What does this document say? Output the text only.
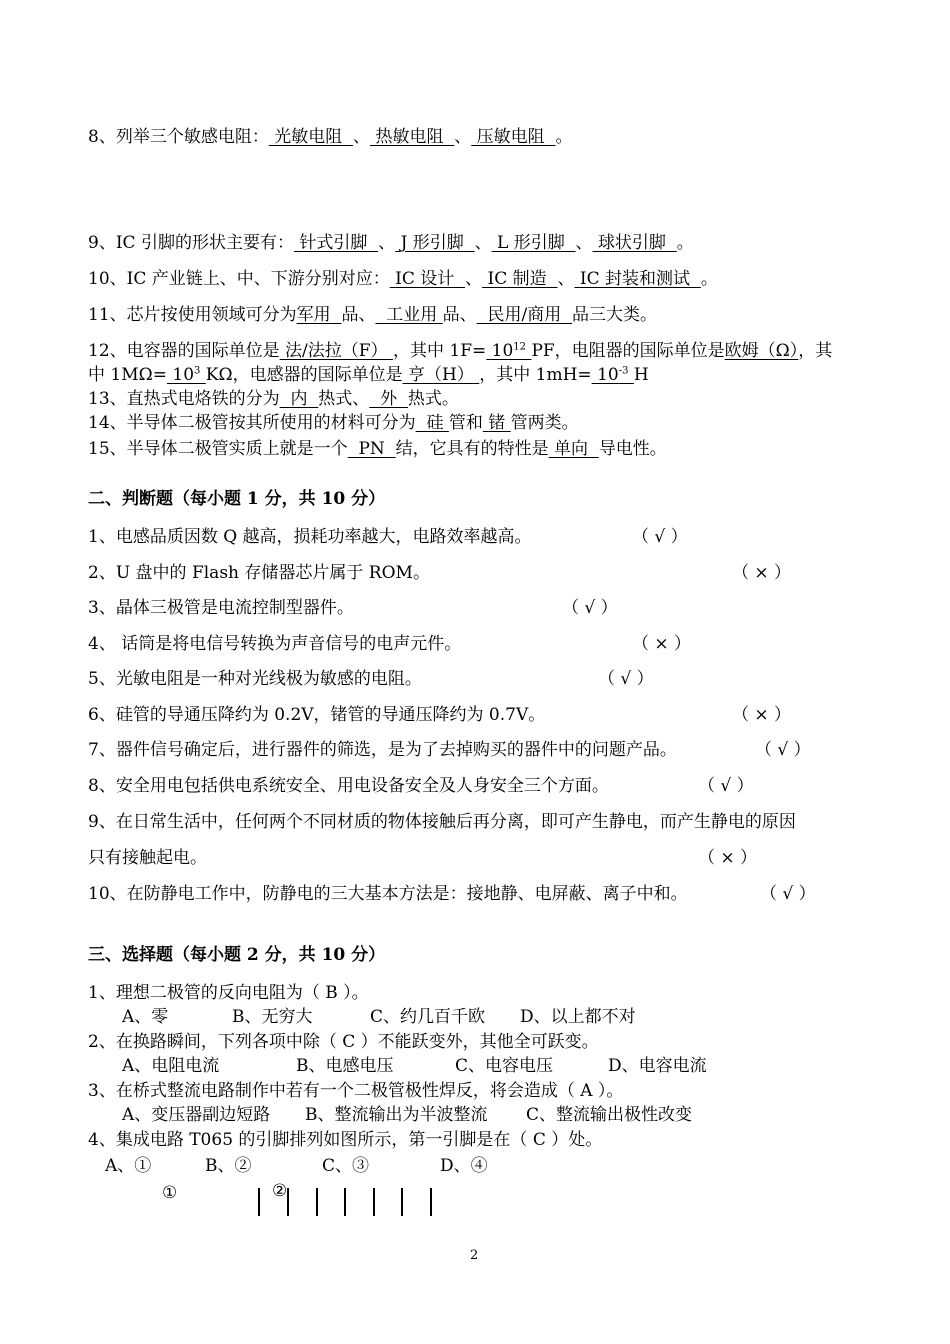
8、列举三个敏感电阻： 光敏电阻 、 热敏电阻 、 压敏电阻 。
9、IC 引脚的形状主要有： 针式引脚 、 J 形引脚 、 L 形引脚 、 球状引脚 。
10、IC 产业链上、中、下游分别对应： IC 设计 、 IC 制造 、 IC 封装和测试 。
11、芯片按使用领域可分为军用 品、 工业用 品、 民用/商用 品三大类。
12、电容器的国际单位是 法/法拉（F） ，其中 $1F= 10^{12}$ PF，电阻器的国际单位是欧姆（Ω），其
中 $1M\Omega= 10^3$ KΩ，电感器的国际单位是 亨（H） ，其中 $1mH= 10^{-3}$ H
13、直热式电烙铁的分为 内 热式、 外 热式。
14、半导体二极管按其所使用的材料可分为 硅 管和 锗 管两类。
15、半导体二极管实质上就是一个 PN 结，它具有的特性是 单向 导电性。
二、判断题（每小题 1 分，共 10 分）
1、电感品质因数 Q 越高，损耗功率越大，电路效率越高。	（ √ ）
2、U 盘中的 Flash 存储器芯片属于 ROM。	（ × ）
3、晶体三极管是电流控制型器件。	（ √ ）
4、 话筒是将电信号转换为声音信号的电声元件。	（ × ）
5、光敏电阻是一种对光线极为敏感的电阻。	（ √ ）
6、硅管的导通压降约为 0.2V，锗管的导通压降约为 0.7V。	（ × ）
7、器件信号确定后，进行器件的筛选，是为了去掉购买的器件中的问题产品。	（ √ ）
8、安全用电包括供电系统安全、用电设备安全及人身安全三个方面。	（ √ ）
9、在日常生活中，任何两个不同材质的物体接触后再分离，即可产生静电，而产生静电的原因
只有接触起电。	（ × ）
10、在防静电工作中，防静电的三大基本方法是：接地静、电屏蔽、离子中和。	（ √ ）
三、选择题（每小题 2 分，共 10 分）
1、理想二极管的反向电阻为（ B ）。
A、零	B、无穷大	C、约几百千欧 D、以上都不对
2、在换路瞬间，下列各项中除（ C ）不能跃变外，其他全可跃变。
A、电阻电流	B、电感电压	C、电容电压	D、电容电流
3、在桥式整流电路制作中若有一个二极管极性焊反，将会造成（ A ）。
A、变压器副边短路 B、整流输出为半波整流 C、整流输出极性改变
4、集成电路 T065 的引脚排列如图所示，第一引脚是在（ C ）处。
A、①	B、②	C、③	D、④
①	②
2
